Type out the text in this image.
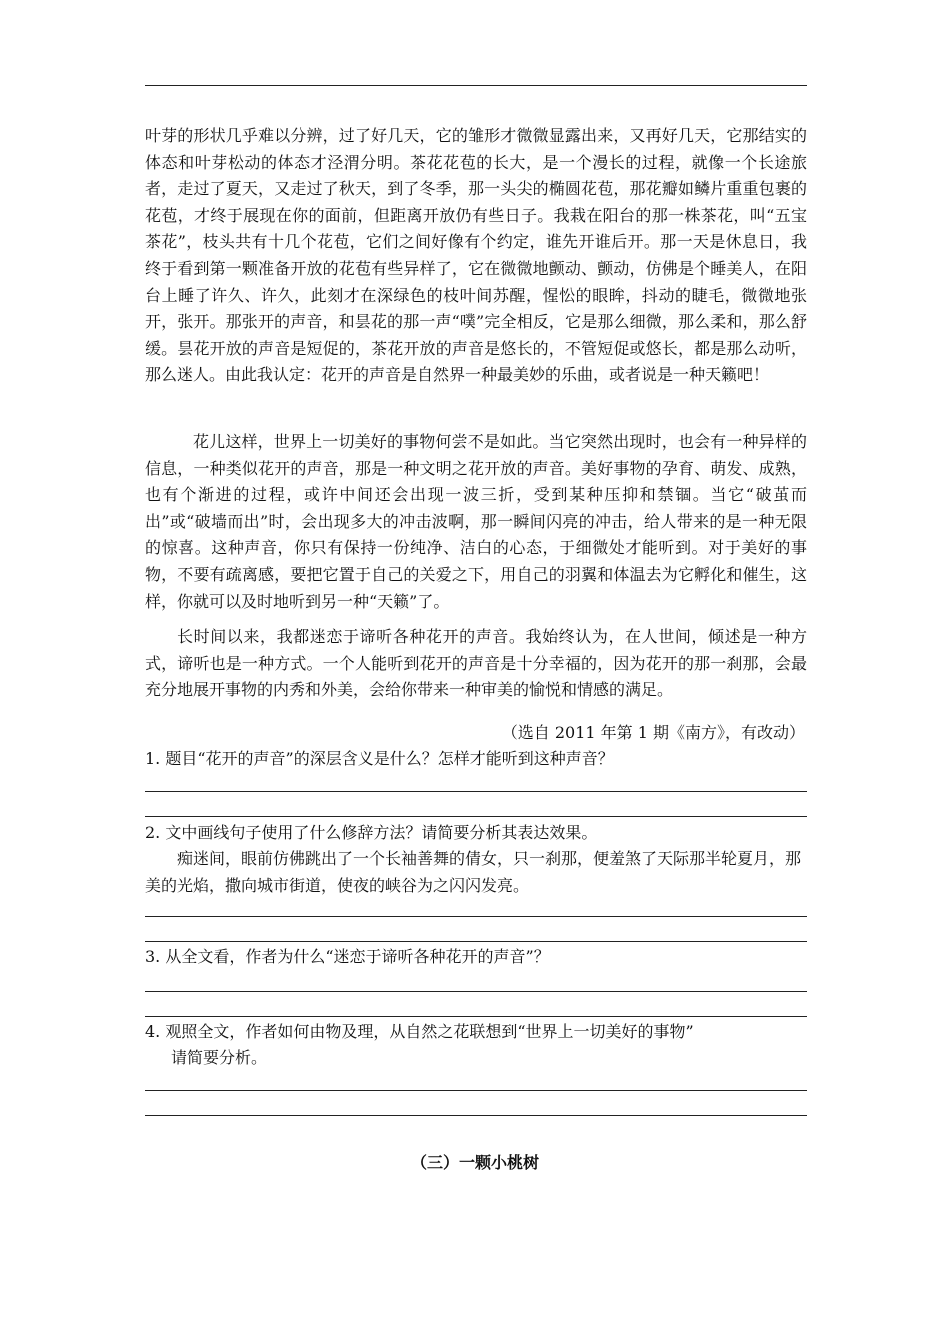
叶芽的形状几乎难以分辨，过了好几天，它的雏形才微微显露出来，又再好几天，它那结实的体态和叶芽松动的体态才泾渭分明。茶花花苞的长大，是一个漫长的过程，就像一个长途旅者，走过了夏天，又走过了秋天，到了冬季，那一头尖的椭圆花苞，那花瓣如鳞片重重包裹的花苞，才终于展现在你的面前，但距离开放仍有些日子。我栽在阳台的那一株茶花，叫“五宝茶花”，枝头共有十几个花苞，它们之间好像有个约定，谁先开谁后开。那一天是休息日，我终于看到第一颗准备开放的花苞有些异样了，它在微微地颤动、颤动，仿佛是个睡美人，在阳台上睡了许久、许久，此刻才在深绿色的枝叶间苏醒，惺忪的眼眸，抖动的睫毛，微微地张开，张开。那张开的声音，和昙花的那一声“噗”完全相反，它是那么细微，那么柔和，那么舒缓。昙花开放的声音是短促的，茶花开放的声音是悠长的，不管短促或悠长，都是那么动听，那么迷人。由此我认定：花开的声音是自然界一种最美妙的乐曲，或者说是一种天籁吧！

花儿这样，世界上一切美好的事物何尝不是如此。当它突然出现时，也会有一种异样的信息，一种类似花开的声音，那是一种文明之花开放的声音。美好事物的孕育、萌发、成熟，也有个渐进的过程，或许中间还会出现一波三折，受到某种压抑和禁锢。当它“破茧而出”或“破墙而出”时，会出现多大的冲击波啊，那一瞬间闪亮的冲击，给人带来的是一种无限的惊喜。这种声音，你只有保持一份纯净、洁白的心态，于细微处才能听到。对于美好的事物，不要有疏离感，要把它置于自己的关爱之下，用自己的羽翼和体温去为它孵化和催生，这样，你就可以及时地听到另一种“天籁”了。

长时间以来，我都迷恋于谛听各种花开的声音。我始终认为，在人世间，倾述是一种方式，谛听也是一种方式。一个人能听到花开的声音是十分幸福的，因为花开的那一刹那，会最充分地展开事物的内秀和外美，会给你带来一种审美的愉悦和情感的满足。

（选自 2011 年第 1 期《南方》，有改动）
1. 题目“花开的声音”的深层含义是什么？怎样才能听到这种声音？
2. 文中画线句子使用了什么修辞方法？请简要分析其表达效果。

痴迷间，眼前仿佛跳出了一个长袖善舞的倩女，只一刹那，便羞煞了天际那半轮夏月，那美的光焰，撒向城市街道，使夜的峡谷为之闪闪发亮。

3. 从全文看，作者为什么“迷恋于谛听各种花开的声音”？
4. 观照全文，作者如何由物及理，从自然之花联想到“世界上一切美好的事物”
请简要分析。
（三）一颗小桃树
